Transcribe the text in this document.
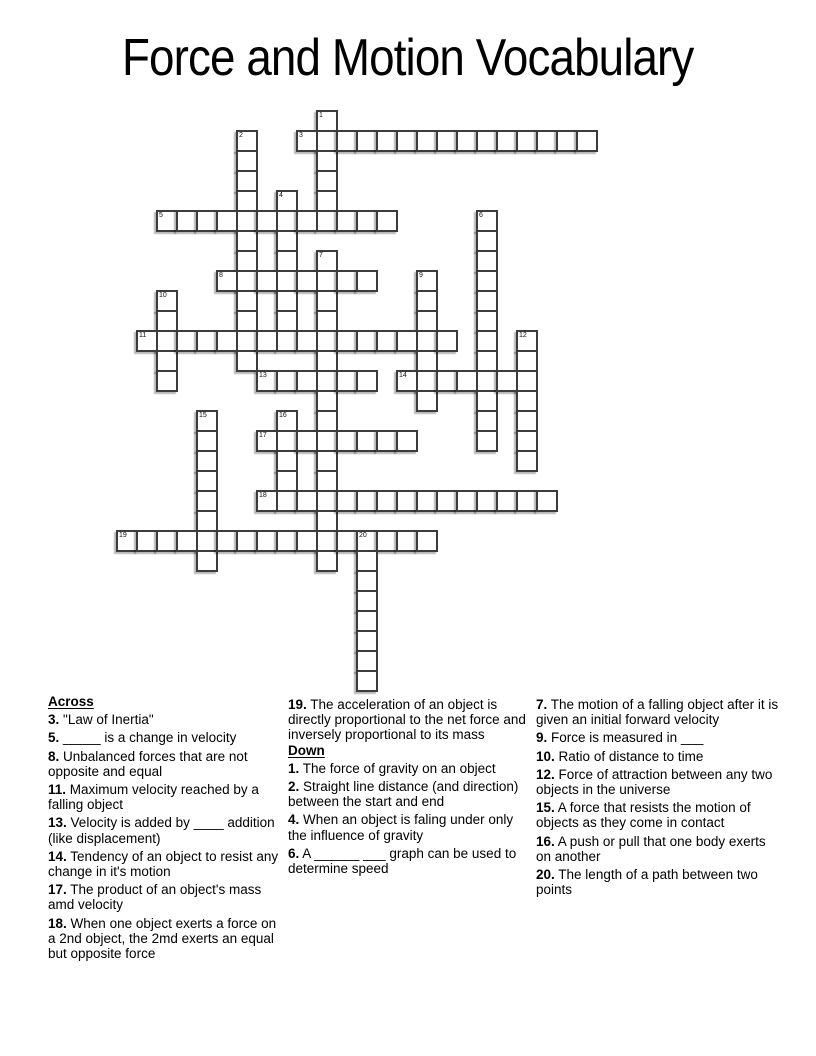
Force and Motion Vocabulary
1
2	3
4
5	6
7
8	9
10
11	12
13	14
15	16
17
18
19	20
Across

3. "Law of Inertia"

5. _____ is a change in velocity

8. Unbalanced forces that are not opposite and equal

11. Maximum velocity reached by a falling object

13. Velocity is added by ____ addition (like displacement)

14. Tendency of an object to resist any change in it's motion

17. The product of an object's mass amd velocity

18. When one object exerts a force on a 2nd object, the 2md exerts an equal but opposite force

19. The acceleration of an object is directly proportional to the net force and inversely proportional to its mass

Down

1. The force of gravity on an object

2. Straight line distance (and direction) between the start and end

4. When an object is faling under only the influence of gravity

6. A ______ ___ graph can be used to determine speed

7. The motion of a falling object after it is given an initial forward velocity

9. Force is measured in ___

10. Ratio of distance to time

12. Force of attraction between any two objects in the universe

15. A force that resists the motion of objects as they come in contact

16. A push or pull that one body exerts on another

20. The length of a path between two points
